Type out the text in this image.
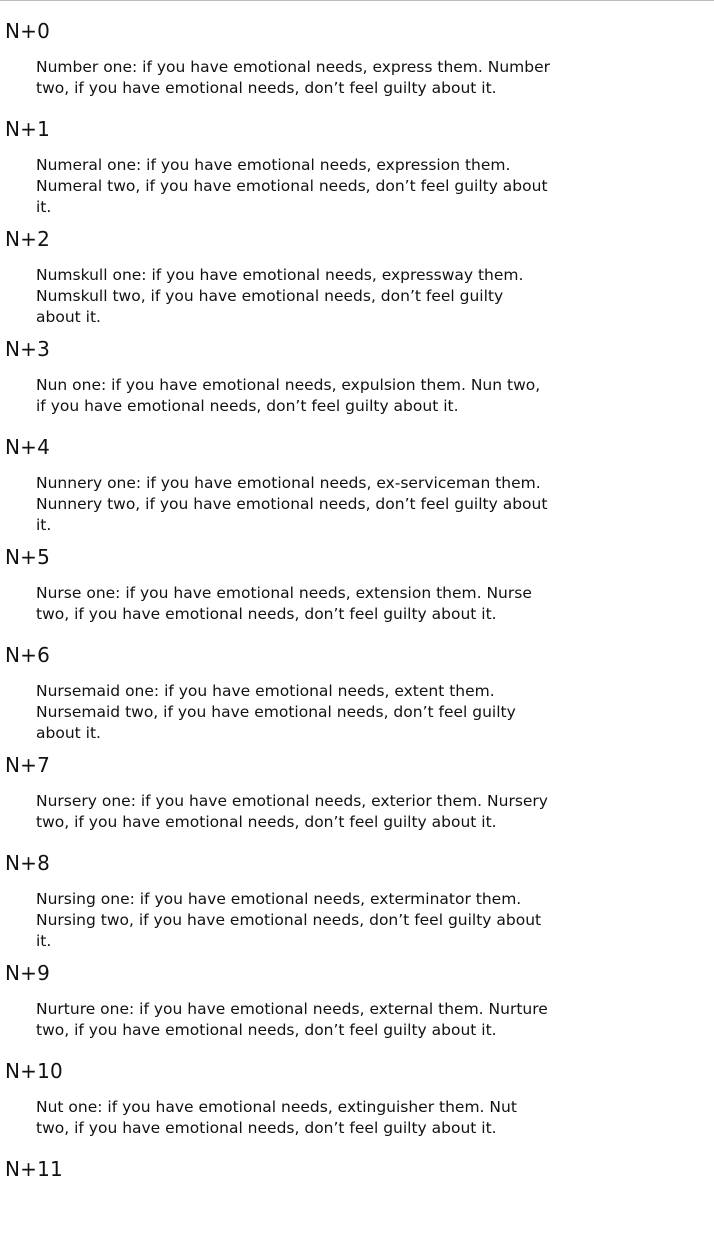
N+0

Number one: if you have emotional needs, express them. Number
two, if you have emotional needs, don’t feel guilty about it.

N+1

Numeral one: if you have emotional needs, expression them.
Numeral two, if you have emotional needs, don’t feel guilty about
it.

N+2

Numskull one: if you have emotional needs, expressway them.
Numskull two, if you have emotional needs, don’t feel guilty
about it.

N+3

Nun one: if you have emotional needs, expulsion them. Nun two,
if you have emotional needs, don’t feel guilty about it.

N+4

Nunnery one: if you have emotional needs, ex-serviceman them.
Nunnery two, if you have emotional needs, don’t feel guilty about
it.

N+5

Nurse one: if you have emotional needs, extension them. Nurse
two, if you have emotional needs, don’t feel guilty about it.

N+6

Nursemaid one: if you have emotional needs, extent them.
Nursemaid two, if you have emotional needs, don’t feel guilty
about it.

N+7

Nursery one: if you have emotional needs, exterior them. Nursery
two, if you have emotional needs, don’t feel guilty about it.

N+8

Nursing one: if you have emotional needs, exterminator them.
Nursing two, if you have emotional needs, don’t feel guilty about
it.

N+9

Nurture one: if you have emotional needs, external them. Nurture
two, if you have emotional needs, don’t feel guilty about it.

N+10

Nut one: if you have emotional needs, extinguisher them. Nut
two, if you have emotional needs, don’t feel guilty about it.

N+11
